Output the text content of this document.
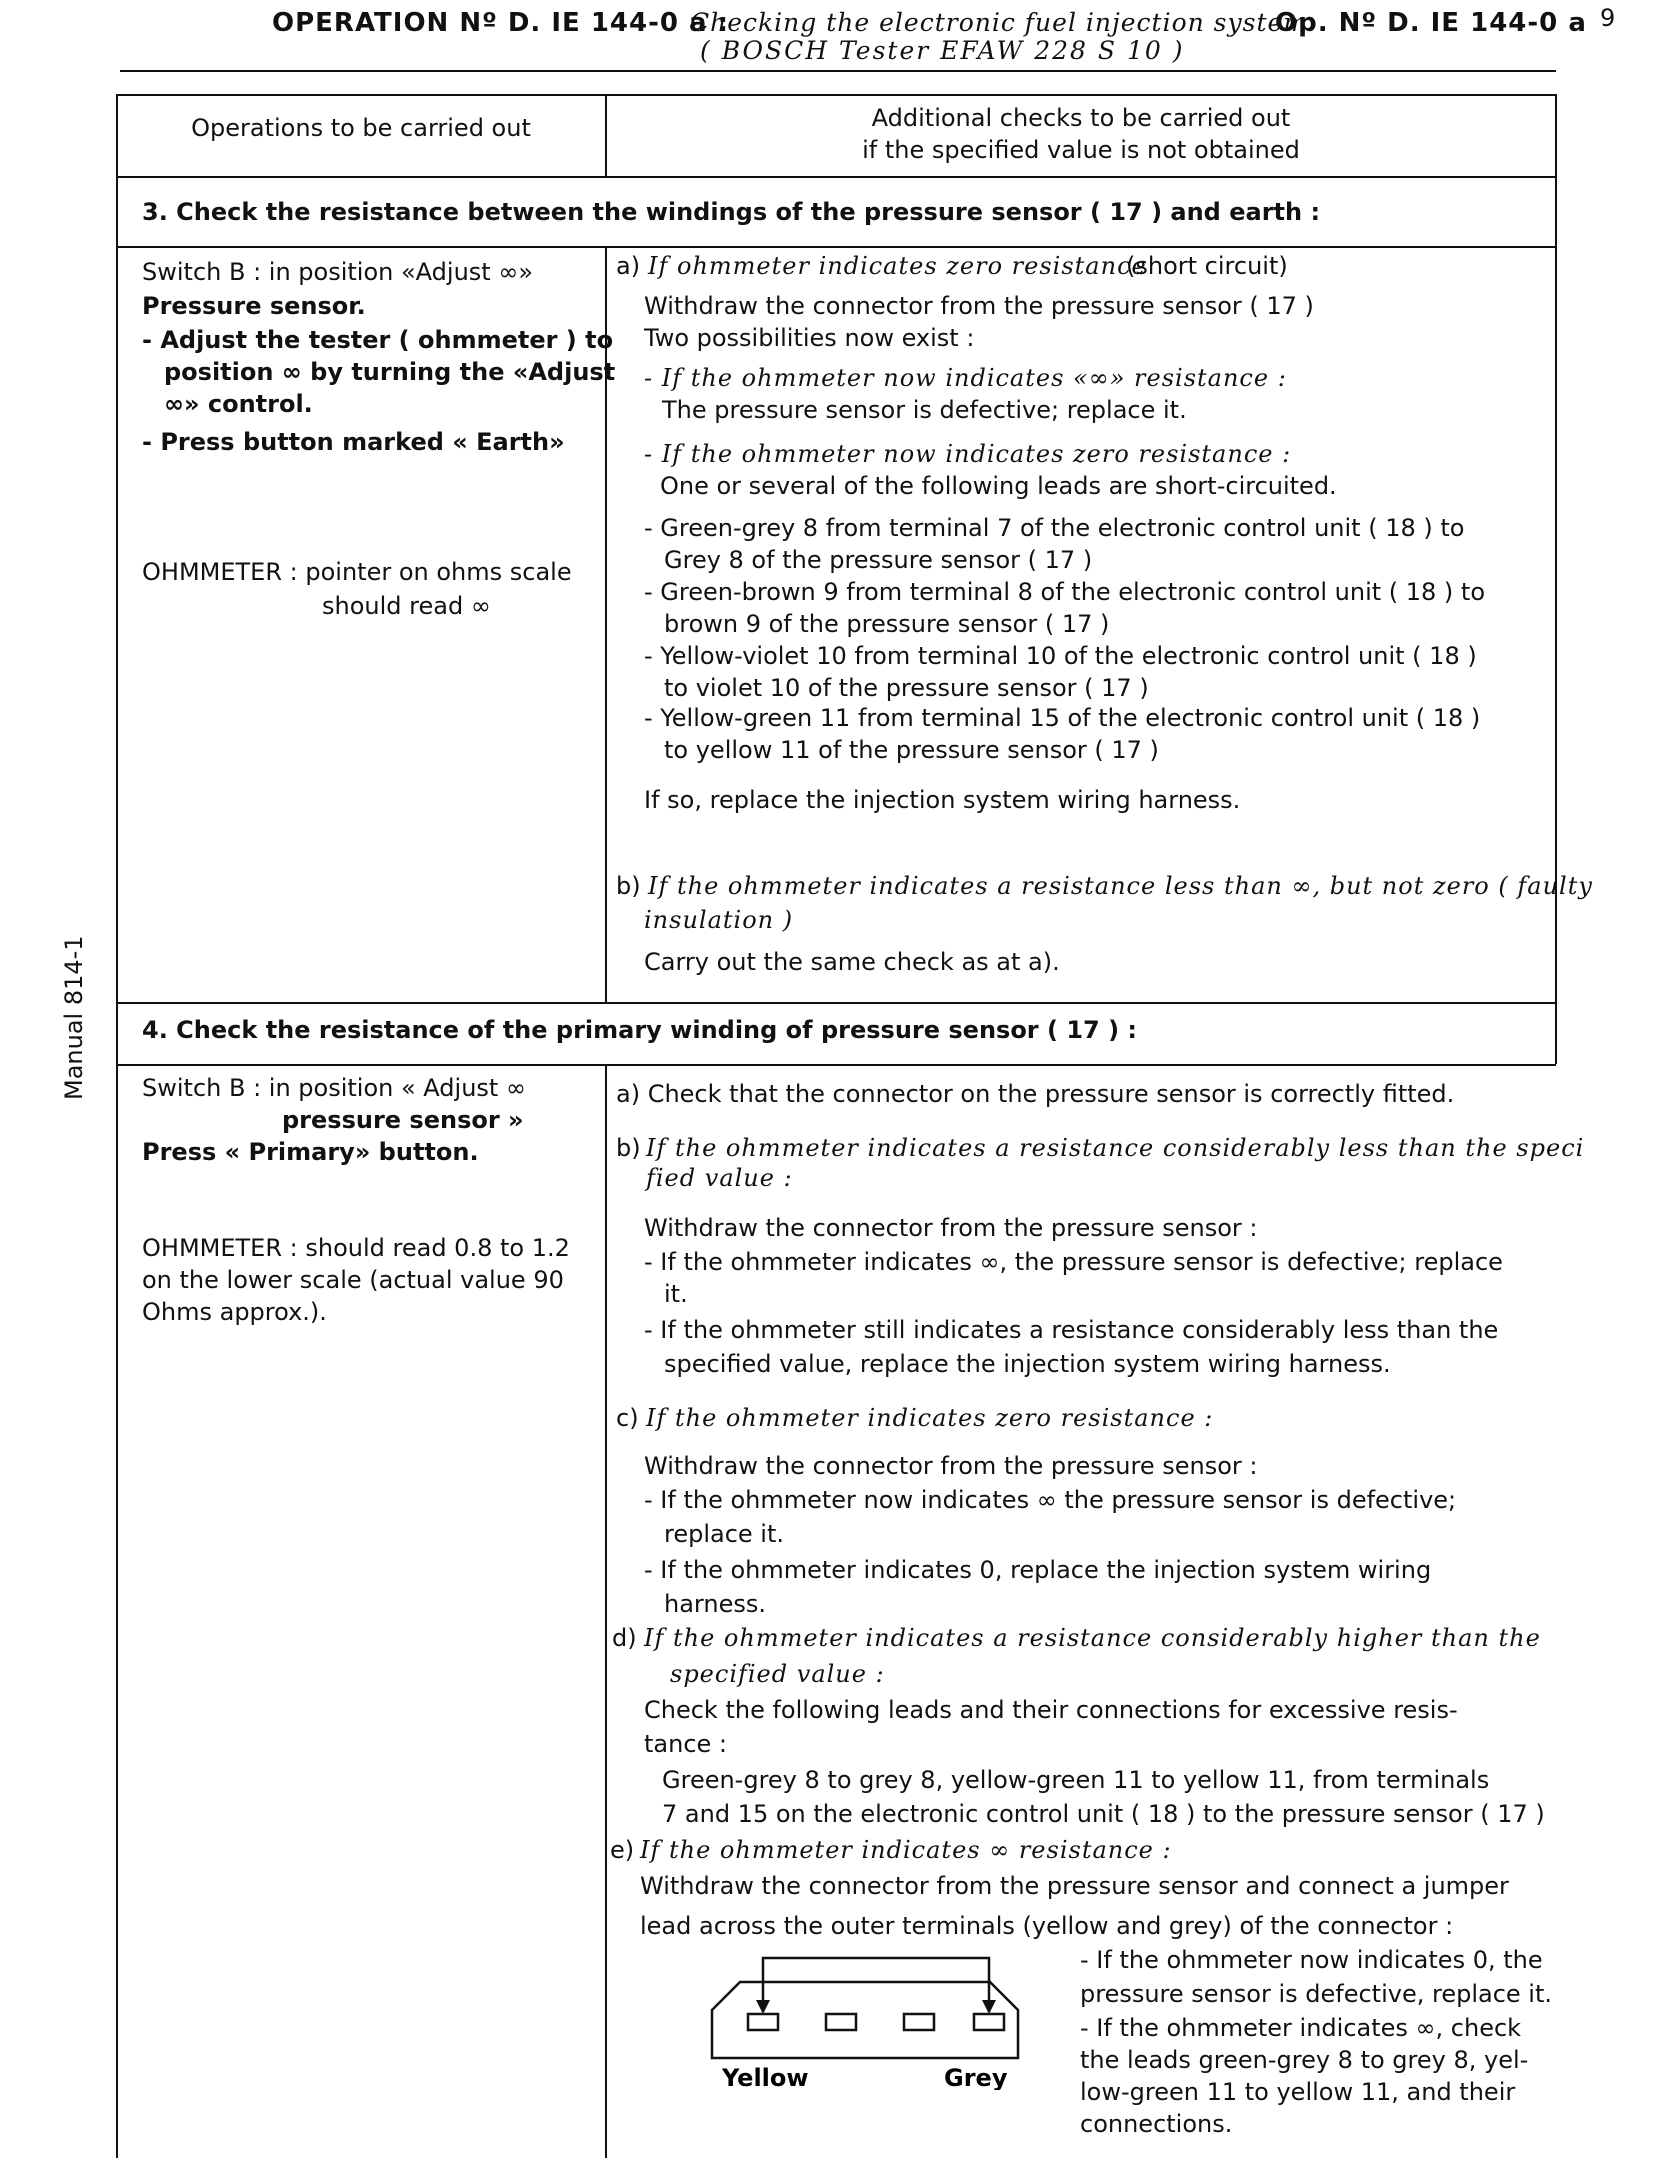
OPERATION Nº D. IE 144-0 a :
Checking the electronic fuel injection system
Op. Nº D. IE 144-0 a
( BOSCH Tester EFAW 228 S 10 )
9
Manual 814-1
Operations to be carried out	Additional checks to be carried out
if the specified value is not obtained
3. Check the resistance between the windings of the pressure sensor ( 17 ) and earth :
Switch B : in position «Adjust ∞»
Pressure sensor.
- Adjust the tester ( ohmmeter ) to
position ∞ by turning the «Adjust
∞» control.
- Press button marked « Earth»
OHMMETER : pointer on ohms scale
should read ∞
a) If ohmmeter indicates zero resistance
(short circuit)
Withdraw the connector from the pressure sensor ( 17 )
Two possibilities now exist :
- If the ohmmeter now indicates «∞» resistance :
The pressure sensor is defective; replace it.
- If the ohmmeter now indicates zero resistance :
One or several of the following leads are short-circuited.
- Green-grey 8 from terminal 7 of the electronic control unit ( 18 ) to
Grey 8 of the pressure sensor ( 17 )
- Green-brown 9 from terminal 8 of the electronic control unit ( 18 ) to
brown 9 of the pressure sensor ( 17 )
- Yellow-violet 10 from terminal 10 of the electronic control unit ( 18 )
to violet 10 of the pressure sensor ( 17 )
- Yellow-green 11 from terminal 15 of the electronic control unit ( 18 )
to yellow 11 of the pressure sensor ( 17 )
If so, replace the injection system wiring harness.
b) If the ohmmeter indicates a resistance less than ∞, but not zero ( faulty
insulation )
Carry out the same check as at a).
4. Check the resistance of the primary winding of pressure sensor ( 17 ) :
Switch B : in position « Adjust ∞
pressure sensor »
Press « Primary» button.
OHMMETER : should read 0.8 to 1.2
on the lower scale (actual value 90
Ohms approx.).
a) Check that the connector on the pressure sensor is correctly fitted.
b) If the ohmmeter indicates a resistance considerably less than the speci
fied value :
Withdraw the connector from the pressure sensor :
- If the ohmmeter indicates ∞, the pressure sensor is defective; replace
it.
- If the ohmmeter still indicates a resistance considerably less than the
specified value, replace the injection system wiring harness.
c) If the ohmmeter indicates zero resistance :
Withdraw the connector from the pressure sensor :
- If the ohmmeter now indicates ∞ the pressure sensor is defective;
replace it.
- If the ohmmeter indicates 0, replace the injection system wiring
harness.
d) If the ohmmeter indicates a resistance considerably higher than the
specified value :
Check the following leads and their connections for excessive resis-
tance :
Green-grey 8 to grey 8, yellow-green 11 to yellow 11, from terminals
7 and 15 on the electronic control unit ( 18 ) to the pressure sensor ( 17 )
e) If the ohmmeter indicates ∞ resistance :
Withdraw the connector from the pressure sensor and connect a jumper
lead across the outer terminals (yellow and grey) of the connector :
- If the ohmmeter now indicates 0, the
pressure sensor is defective, replace it.
- If the ohmmeter indicates ∞, check
the leads green-grey 8 to grey 8, yel-
low-green 11 to yellow 11, and their
connections.
Yellow	Grey
